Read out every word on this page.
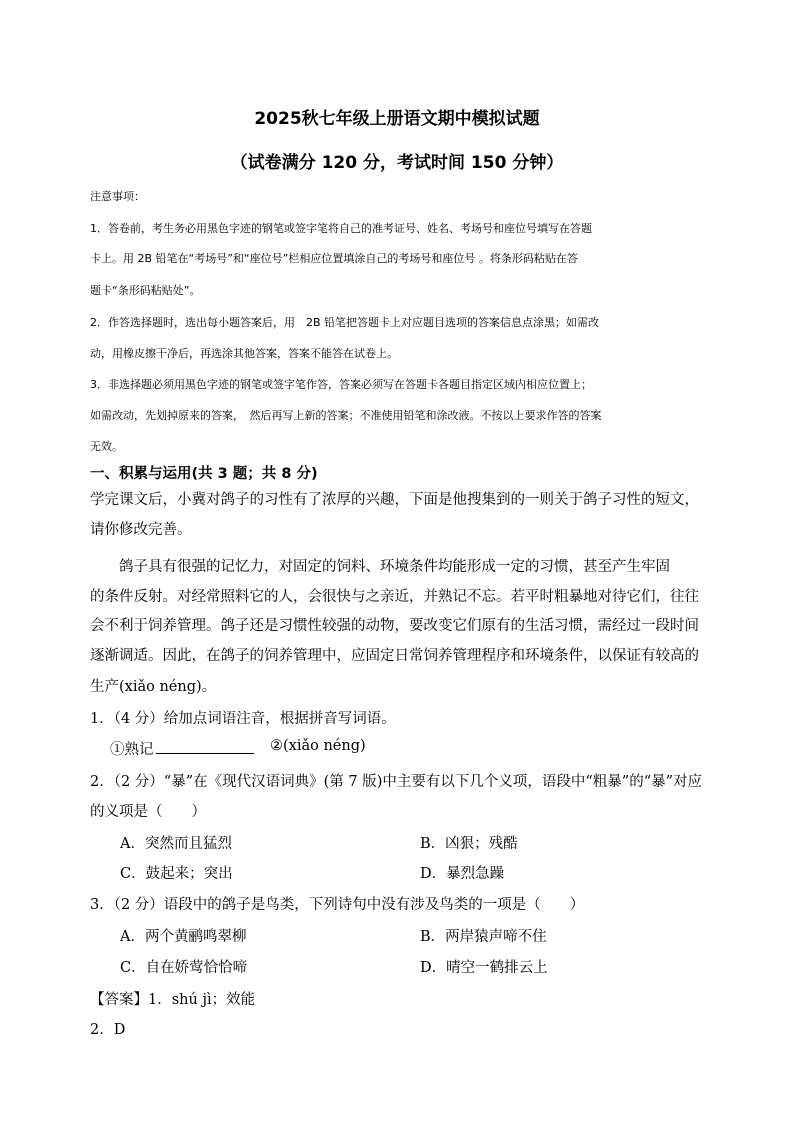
2025秋七年级上册语文期中模拟试题
（试卷满分 120 分，考试时间 150 分钟）
注意事项：
1．答卷前，考生务必用黑色字迹的钢笔或签字笔将自己的准考证号、姓名、考场号和座位号填写在答题
卡上。用 2B 铅笔在“考场号”和“座位号”栏相应位置填涂自己的考场号和座位号 。将条形码粘贴在答
题卡“条形码粘贴处”。
2．作答选择题时，选出每小题答案后，用　2B 铅笔把答题卡上对应题目选项的答案信息点涂黑；如需改
动，用橡皮擦干净后，再选涂其他答案，答案不能答在试卷上。
3．非选择题必须用黑色字迹的钢笔或签字笔作答，答案必须写在答题卡各题目指定区域内相应位置上；
如需改动，先划掉原来的答案，　然后再写上新的答案；不准使用铅笔和涂改液。不按以上要求作答的答案
无效。
一、积累与运用(共 3 题；共 8 分)
学完课文后，小冀对鸽子的习性有了浓厚的兴趣，下面是他搜集到的一则关于鸽子习性的短文，
请你修改完善。
　　鸽子具有很强的记忆力，对固定的饲料、环境条件均能形成一定的习惯，甚至产生牢固
的条件反射。对经常照料它的人，会很快与之亲近，并熟记不忘。若平时粗暴地对待它们，往往
会不利于饲养管理。鸽子还是习惯性较强的动物，要改变它们原有的生活习惯，需经过一段时间
逐渐调适。因此，在鸽子的饲养管理中，应固定日常饲养管理程序和环境条件，以保证有较高的
生产(xiǎo néng)。
1．（4 分）给加点词语注音，根据拼音写词语。
①熟记	②(xiǎo néng)
2．（2 分）“暴”在《现代汉语词典》(第 7 版)中主要有以下几个义项，语段中“粗暴”的“暴”对应
的义项是（　　）
A．突然而且猛烈	B．凶狠；残酷
C．鼓起来；突出	D．暴烈急躁
3．（2 分）语段中的鸽子是鸟类，下列诗句中没有涉及鸟类的一项是（　　）
A．两个黄鹂鸣翠柳	B．两岸猿声啼不住
C．自在娇莺恰恰啼	D．晴空一鹤排云上
【答案】1．shú jì；效能
2．D
